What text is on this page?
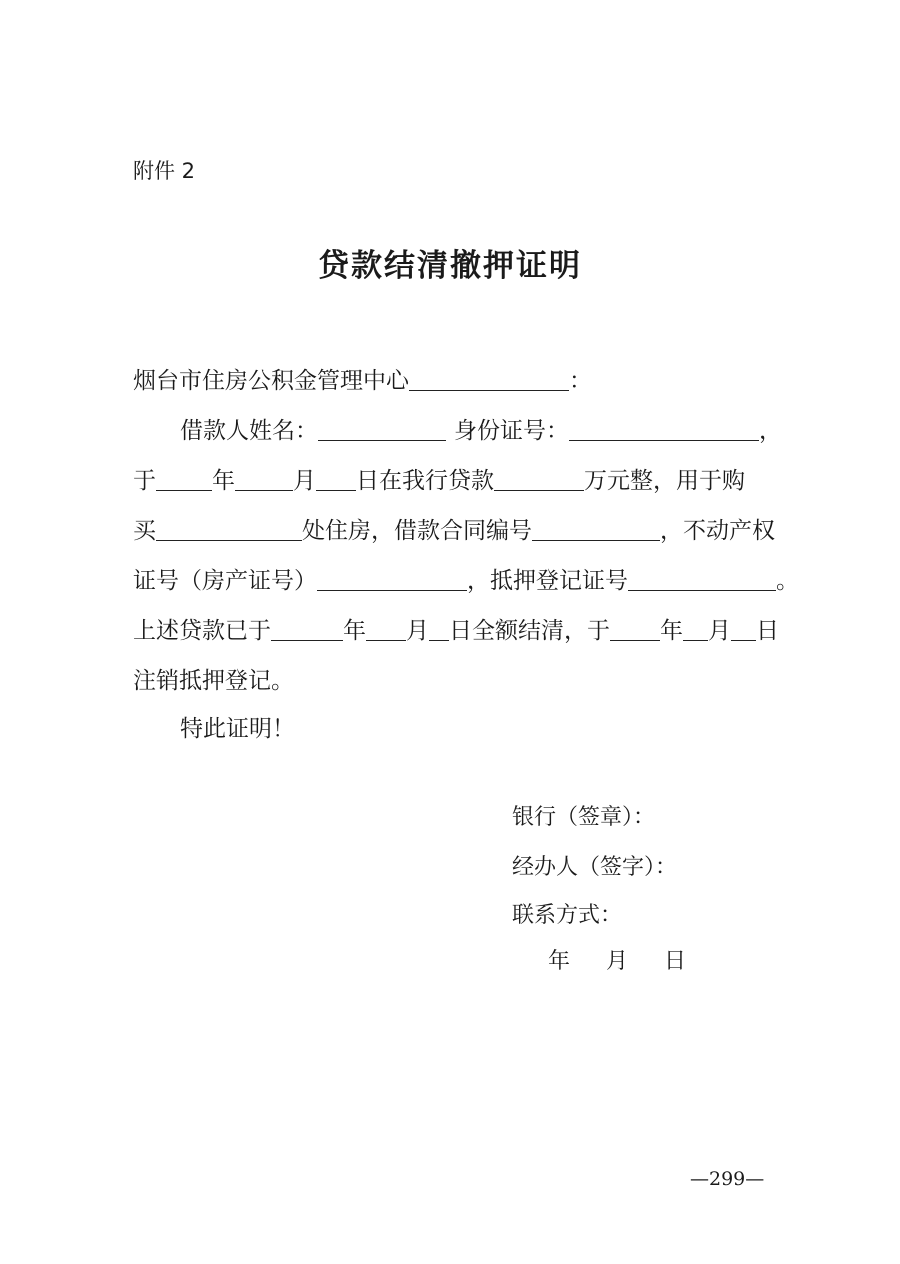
附件 2
贷款结清撤押证明
烟台市住房公积金管理中心	：
借款人姓名：	身份证号：	，
于 年	月 日在我行贷款	万元整，用于购
买	处住房，借款合同编号	，不动产权
证号（房产证号）	，抵押登记证号	。
上述贷款已于	年 月 日全额结清，于 年 月 日
注销抵押登记。
特此证明！
银行（签章）：
经办人（签字）：
联系方式：
年 月 日
—299—
